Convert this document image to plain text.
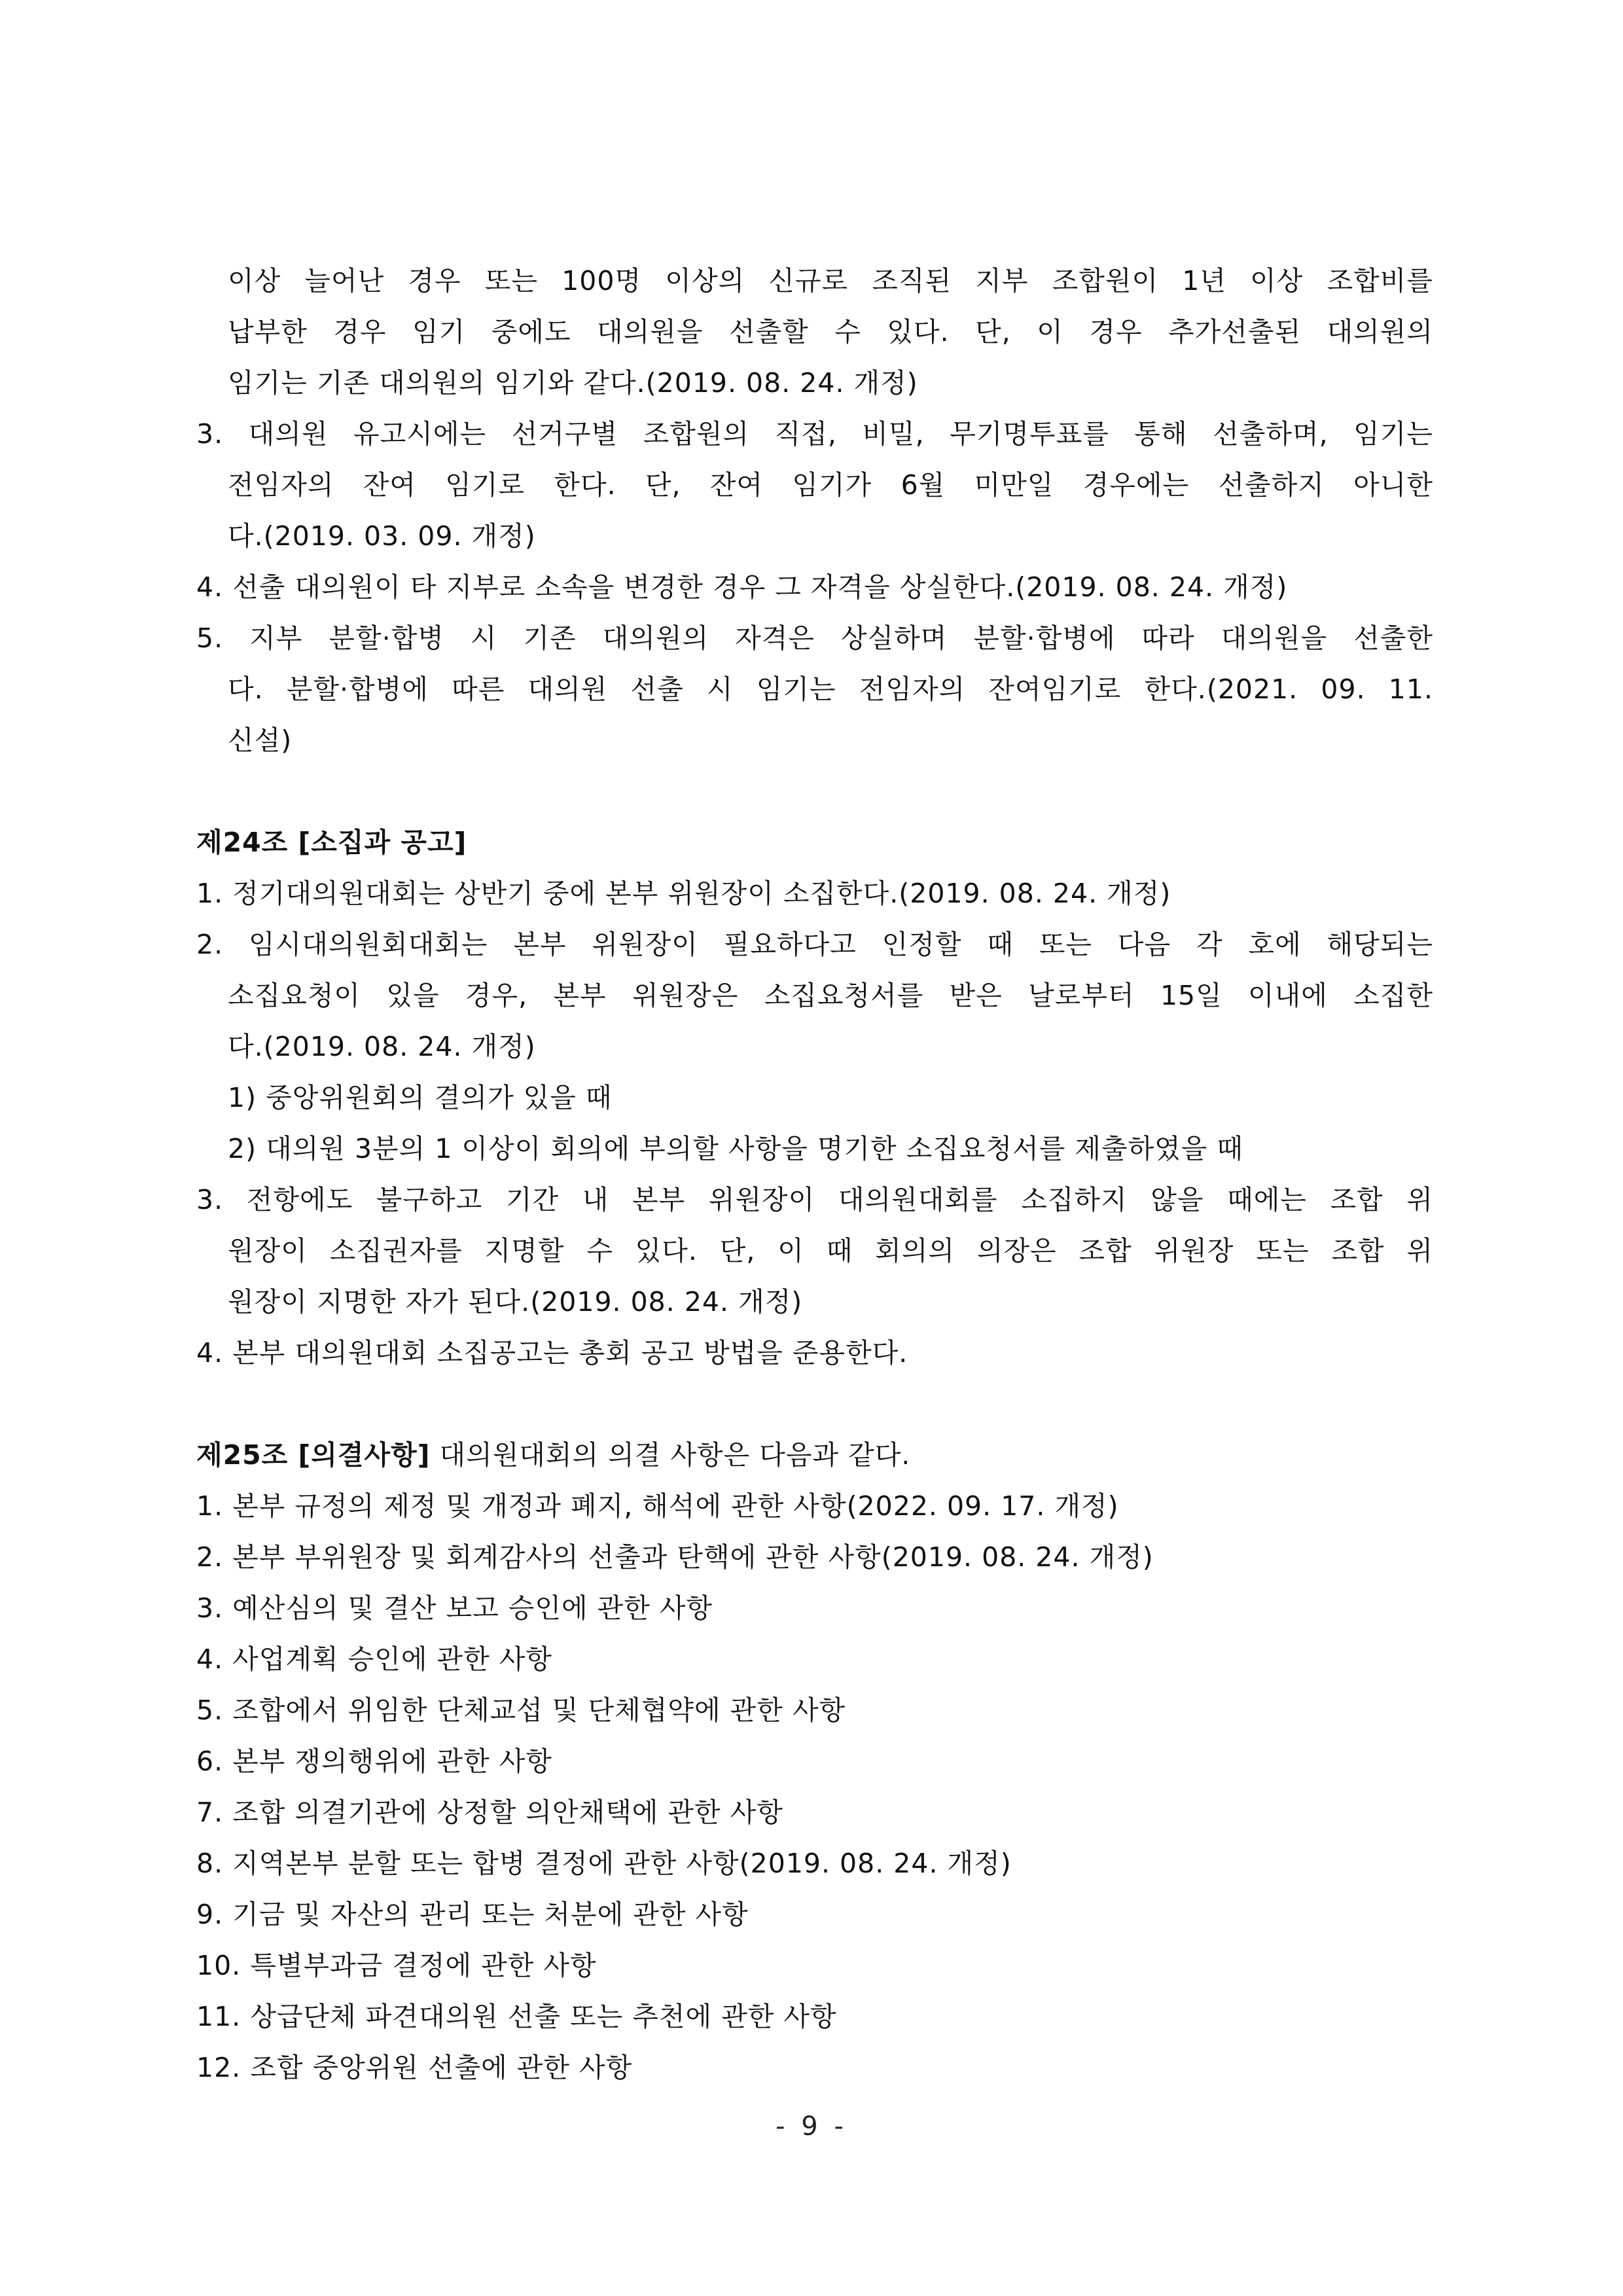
이상 늘어난 경우 또는 100명 이상의 신규로 조직된 지부 조합원이 1년 이상 조합비를

납부한 경우 임기 중에도 대의원을 선출할 수 있다. 단, 이 경우 추가선출된 대의원의

임기는 기존 대의원의 임기와 같다.(2019. 08. 24. 개정)

3. 대의원 유고시에는 선거구별 조합원의 직접, 비밀, 무기명투표를 통해 선출하며, 임기는

전임자의 잔여 임기로 한다. 단, 잔여 임기가 6월 미만일 경우에는 선출하지 아니한

다.(2019. 03. 09. 개정)

4. 선출 대의원이 타 지부로 소속을 변경한 경우 그 자격을 상실한다.(2019. 08. 24. 개정)

5. 지부 분할·합병 시 기존 대의원의 자격은 상실하며 분할·합병에 따라 대의원을 선출한

다. 분할·합병에 따른 대의원 선출 시 임기는 전임자의 잔여임기로 한다.(2021. 09. 11.

신설)

제24조 [소집과 공고]

1. 정기대의원대회는 상반기 중에 본부 위원장이 소집한다.(2019. 08. 24. 개정)

2. 임시대의원회대회는 본부 위원장이 필요하다고 인정할 때 또는 다음 각 호에 해당되는

소집요청이 있을 경우, 본부 위원장은 소집요청서를 받은 날로부터 15일 이내에 소집한

다.(2019. 08. 24. 개정)

1) 중앙위원회의 결의가 있을 때

2) 대의원 3분의 1 이상이 회의에 부의할 사항을 명기한 소집요청서를 제출하였을 때

3. 전항에도 불구하고 기간 내 본부 위원장이 대의원대회를 소집하지 않을 때에는 조합 위

원장이 소집권자를 지명할 수 있다. 단, 이 때 회의의 의장은 조합 위원장 또는 조합 위

원장이 지명한 자가 된다.(2019. 08. 24. 개정)

4. 본부 대의원대회 소집공고는 총회 공고 방법을 준용한다.

제25조 [의결사항] 대의원대회의 의결 사항은 다음과 같다.

1. 본부 규정의 제정 및 개정과 폐지, 해석에 관한 사항(2022. 09. 17. 개정)

2. 본부 부위원장 및 회계감사의 선출과 탄핵에 관한 사항(2019. 08. 24. 개정)

3. 예산심의 및 결산 보고 승인에 관한 사항

4. 사업계획 승인에 관한 사항

5. 조합에서 위임한 단체교섭 및 단체협약에 관한 사항

6. 본부 쟁의행위에 관한 사항

7. 조합 의결기관에 상정할 의안채택에 관한 사항

8. 지역본부 분할 또는 합병 결정에 관한 사항(2019. 08. 24. 개정)

9. 기금 및 자산의 관리 또는 처분에 관한 사항

10. 특별부과금 결정에 관한 사항

11. 상급단체 파견대의원 선출 또는 추천에 관한 사항

12. 조합 중앙위원 선출에 관한 사항

- 9 -
